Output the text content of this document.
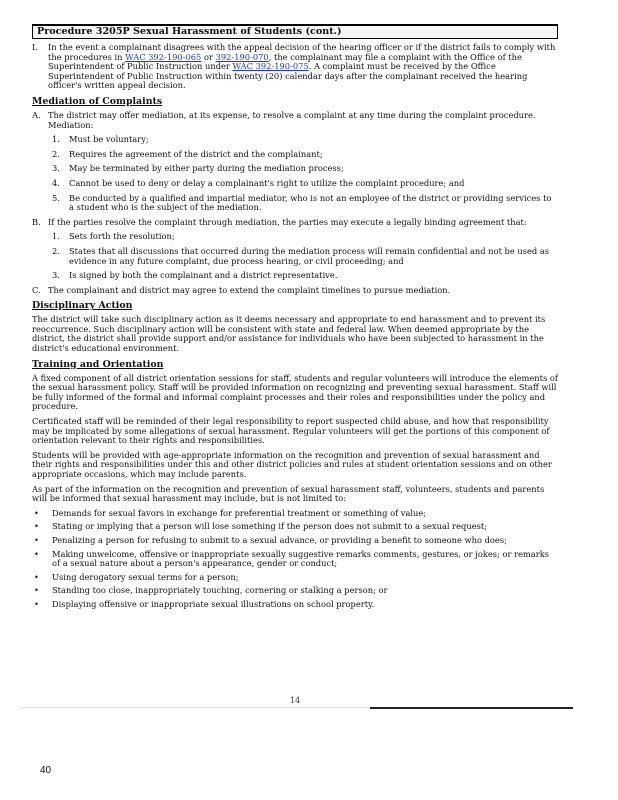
Procedure 3205P Sexual Harassment of Students (cont.)
I. In the event a complainant disagrees with the appeal decision of the hearing officer or if the district fails to comply with the procedures in WAC 392-190-065 or 392-190-070, the complainant may file a complaint with the Office of the Superintendent of Public Instruction under WAC 392-190-075. A complaint must be received by the Office Superintendent of Public Instruction within twenty (20) calendar days after the complainant received the hearing officer's written appeal decision.
Mediation of Complaints
A. The district may offer mediation, at its expense, to resolve a complaint at any time during the complaint procedure. Mediation:
1. Must be voluntary;
2. Requires the agreement of the district and the complainant;
3. May be terminated by either party during the mediation process;
4. Cannot be used to deny or delay a complainant's right to utilize the complaint procedure; and
5. Be conducted by a qualified and impartial mediator, who is not an employee of the district or providing services to a student who is the subject of the mediation.
B. If the parties resolve the complaint through mediation, the parties may execute a legally binding agreement that:
1. Sets forth the resolution;
2. States that all discussions that occurred during the mediation process will remain confidential and not be used as evidence in any future complaint, due process hearing, or civil proceeding; and
3. Is signed by both the complainant and a district representative.
C. The complainant and district may agree to extend the complaint timelines to pursue mediation.
Disciplinary Action
The district will take such disciplinary action as it deems necessary and appropriate to end harassment and to prevent its reoccurrence. Such disciplinary action will be consistent with state and federal law. When deemed appropriate by the district, the district shall provide support and/or assistance for individuals who have been subjected to harassment in the district's educational environment.
Training and Orientation
A fixed component of all district orientation sessions for staff, students and regular volunteers will introduce the elements of the sexual harassment policy. Staff will be provided information on recognizing and preventing sexual harassment. Staff will be fully informed of the formal and informal complaint processes and their roles and responsibilities under the policy and procedure.
Certificated staff will be reminded of their legal responsibility to report suspected child abuse, and how that responsibility may be implicated by some allegations of sexual harassment. Regular volunteers will get the portions of this component of orientation relevant to their rights and responsibilities.
Students will be provided with age-appropriate information on the recognition and prevention of sexual harassment and their rights and responsibilities under this and other district policies and rules at student orientation sessions and on other appropriate occasions, which may include parents.
As part of the information on the recognition and prevention of sexual harassment staff, volunteers, students and parents will be informed that sexual harassment may include, but is not limited to:
• Demands for sexual favors in exchange for preferential treatment or something of value;
• Stating or implying that a person will lose something if the person does not submit to a sexual request;
• Penalizing a person for refusing to submit to a sexual advance, or providing a benefit to someone who does;
• Making unwelcome, offensive or inappropriate sexually suggestive remarks comments, gestures, or jokes; or remarks of a sexual nature about a person's appearance, gender or conduct;
• Using derogatory sexual terms for a person;
• Standing too close, inappropriately touching, cornering or stalking a person; or
• Displaying offensive or inappropriate sexual illustrations on school property.
14
40
